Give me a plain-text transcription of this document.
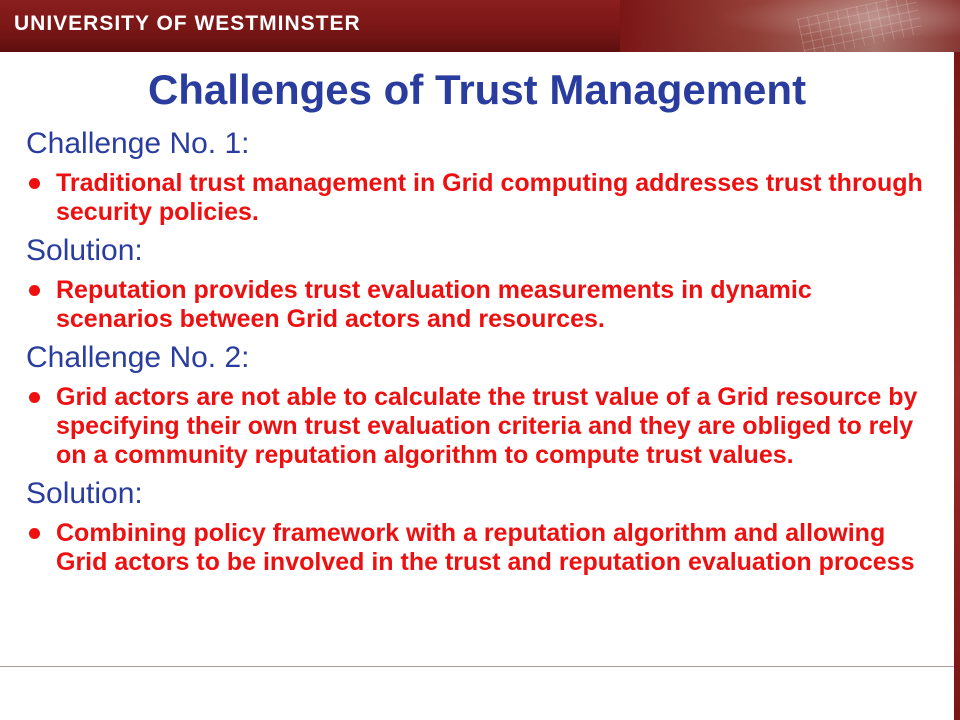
UNIVERSITY OF WESTMINSTER
Challenges of Trust Management
Challenge No. 1:
Traditional trust management in Grid computing addresses trust through security policies.
Solution:
Reputation provides trust evaluation measurements in dynamic scenarios between Grid actors and resources.
Challenge No. 2:
Grid actors are not able to calculate the trust value of a Grid resource by specifying their own trust evaluation criteria and they are obliged to rely on a community reputation algorithm to compute trust values.
Solution:
Combining policy framework with a reputation algorithm and allowing Grid actors to be involved in the trust and reputation evaluation process
